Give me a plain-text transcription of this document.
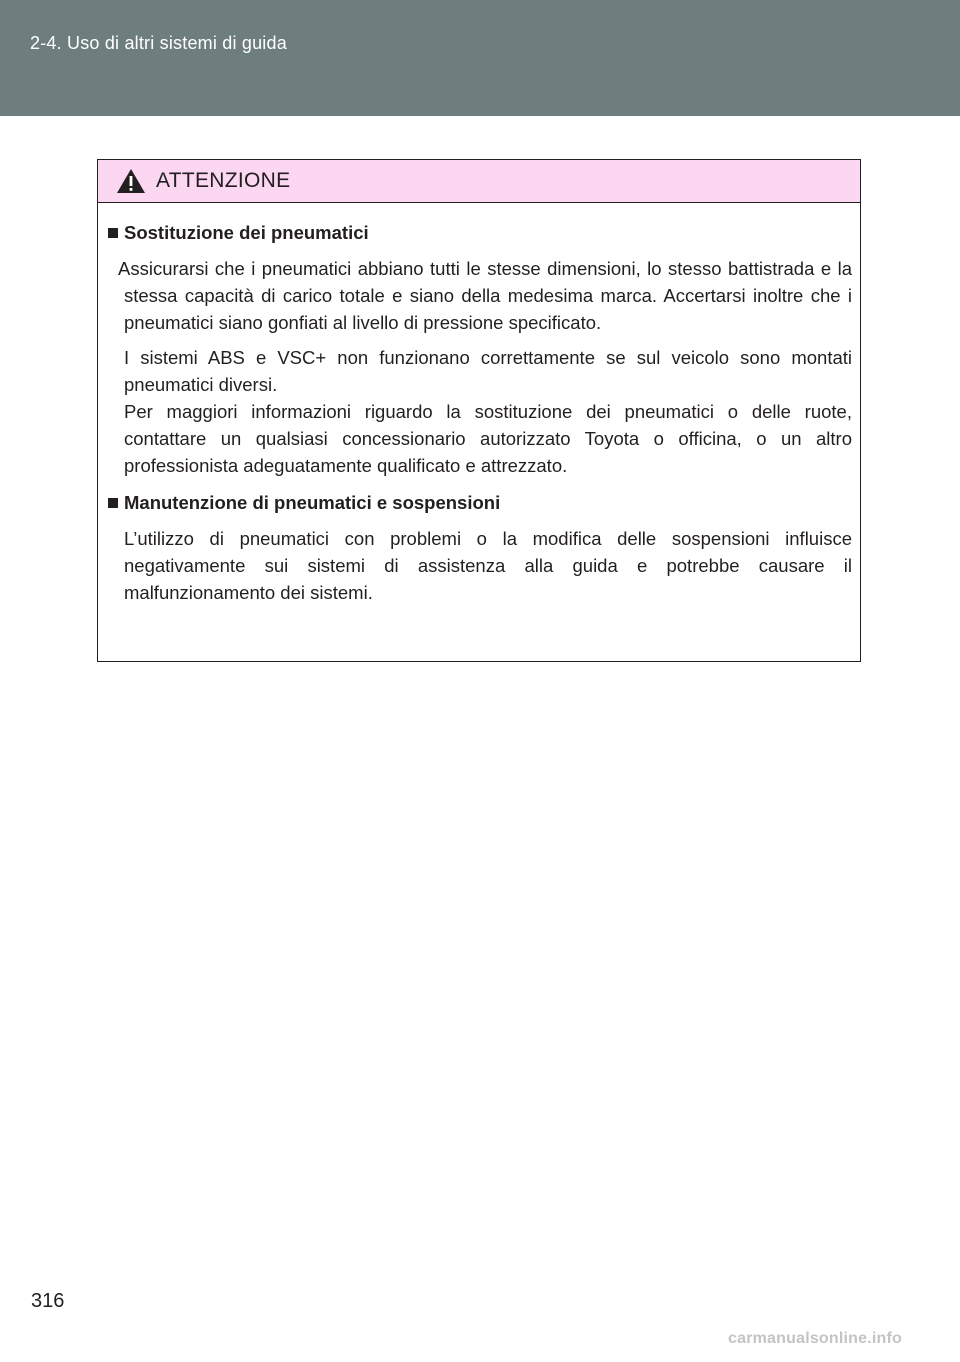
2-4. Uso di altri sistemi di guida
ATTENZIONE
Sostituzione dei pneumatici

Assicurarsi che i pneumatici abbiano tutti le stesse dimensioni, lo stesso battistrada e la stessa capacità di carico totale e siano della medesima marca. Accertarsi inoltre che i pneumatici siano gonfiati al livello di pressione specificato.

I sistemi ABS e VSC+ non funzionano correttamente se sul veicolo sono montati pneumatici diversi.

Per maggiori informazioni riguardo la sostituzione dei pneumatici o delle ruote, contattare un qualsiasi concessionario autorizzato Toyota o officina, o un altro professionista adeguatamente qualificato e attrezzato.

Manutenzione di pneumatici e sospensioni

L’utilizzo di pneumatici con problemi o la modifica delle sospensioni influisce negativamente sui sistemi di assistenza alla guida e potrebbe causare il malfunzionamento dei sistemi.

316
carmanualsonline.info
